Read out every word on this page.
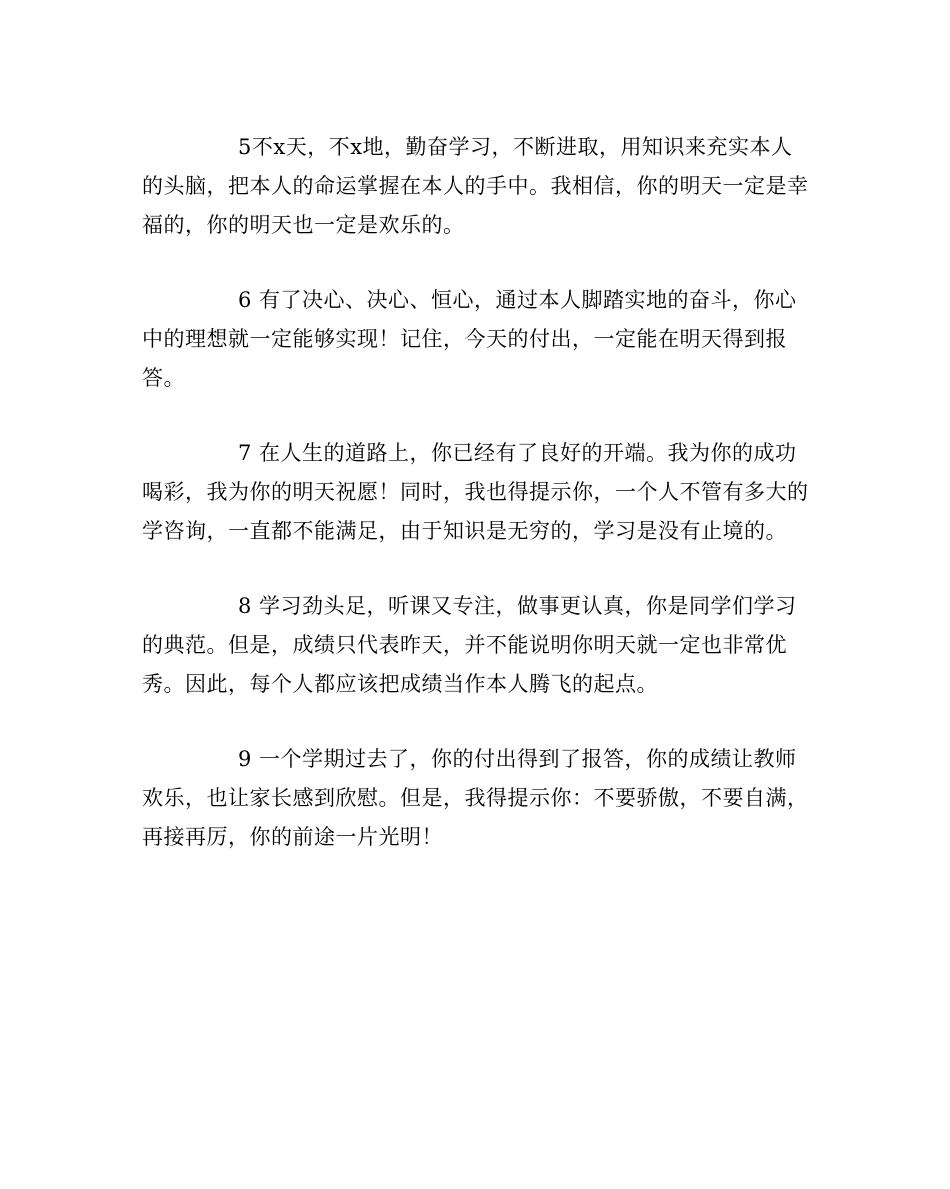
5不x天，不x地，勤奋学习，不断进取，用知识来充实本人的头脑，把本人的命运掌握在本人的手中。我相信，你的明天一定是幸福的，你的明天也一定是欢乐的。

6 有了决心、决心、恒心，通过本人脚踏实地的奋斗，你心中的理想就一定能够实现！记住，今天的付出，一定能在明天得到报答。

7 在人生的道路上，你已经有了良好的开端。我为你的成功喝彩，我为你的明天祝愿！同时，我也得提示你，一个人不管有多大的学咨询，一直都不能满足，由于知识是无穷的，学习是没有止境的。

8 学习劲头足，听课又专注，做事更认真，你是同学们学习的典范。但是，成绩只代表昨天，并不能说明你明天就一定也非常优秀。因此，每个人都应该把成绩当作本人腾飞的起点。

9 一个学期过去了，你的付出得到了报答，你的成绩让教师欢乐，也让家长感到欣慰。但是，我得提示你：不要骄傲，不要自满，再接再厉，你的前途一片光明！
